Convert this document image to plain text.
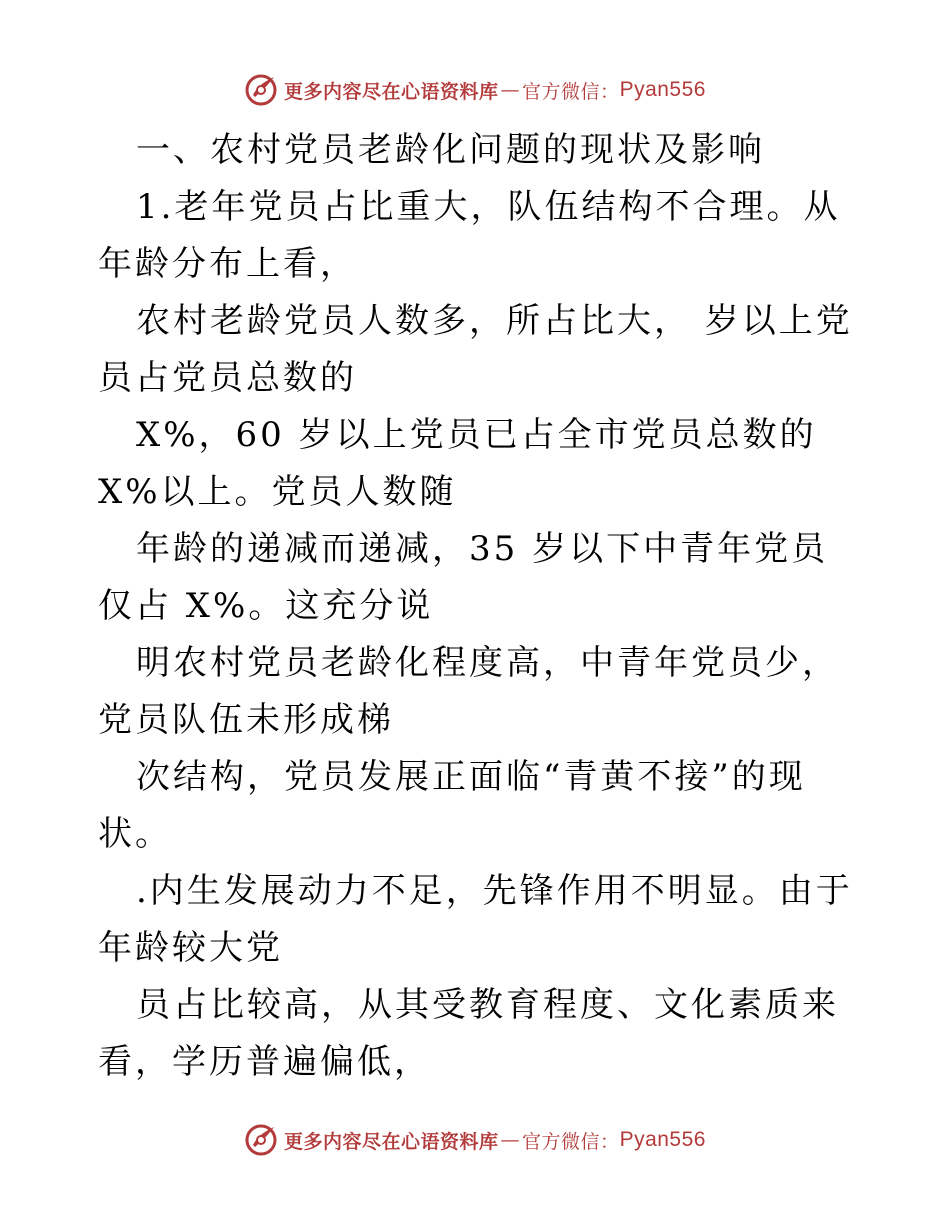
更多内容尽在心语资料库 — 官方微信： Pyan556

一、农村党员老龄化问题的现状及影响

1.老年党员占比重大，队伍结构不合理。从年龄分布上看，

农村老龄党员人数多，所占比大， 岁以上党员占党员总数的

X%，60 岁以上党员已占全市党员总数的 X%以上。党员人数随

年龄的递减而递减，35 岁以下中青年党员仅占 X%。这充分说

明农村党员老龄化程度高，中青年党员少，党员队伍未形成梯

次结构，党员发展正面临“青黄不接”的现状。

.内生发展动力不足，先锋作用不明显。由于年龄较大党

员占比较高，从其受教育程度、文化素质来看，学历普遍偏低，

更多内容尽在心语资料库 — 官方微信： Pyan556
